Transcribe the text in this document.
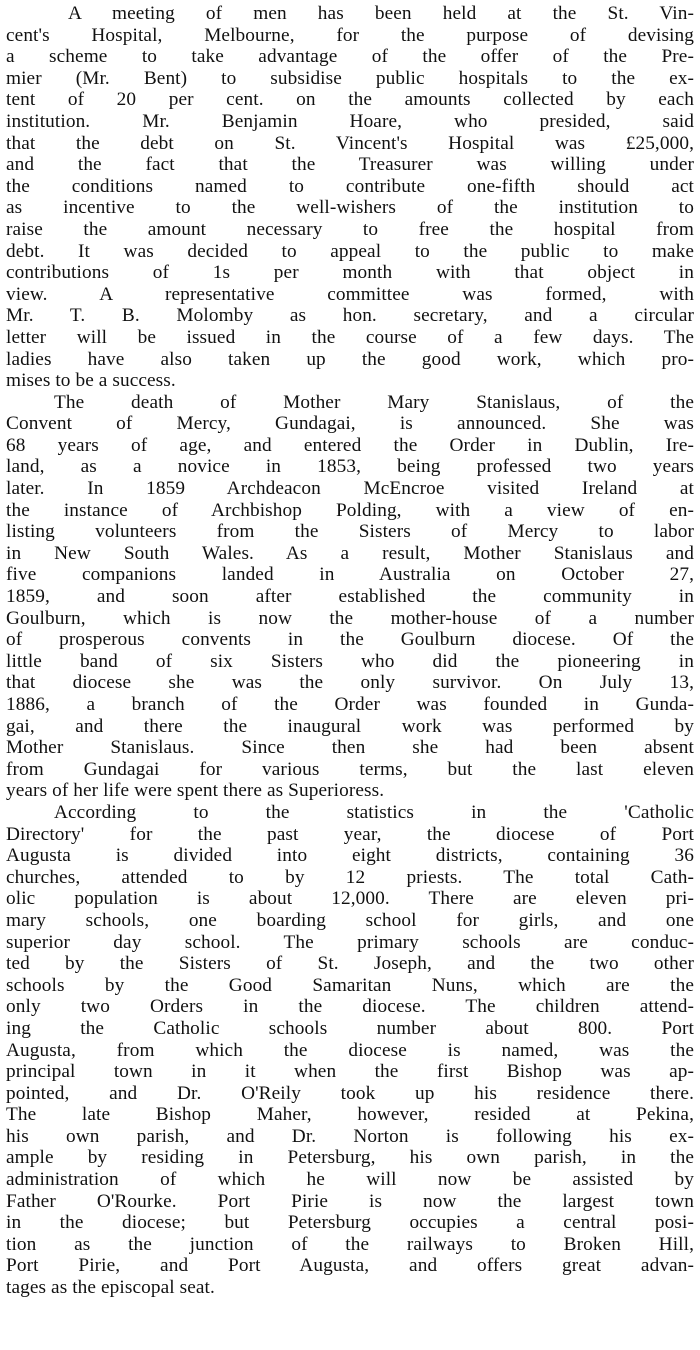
A meeting of men has been held at the St. Vin-
cent's Hospital, Melbourne, for the purpose of devising
a scheme to take advantage of the offer of the Pre-
mier (Mr. Bent) to subsidise public hospitals to the ex-
tent of 20 per cent. on the amounts collected by each
institution. Mr. Benjamin Hoare, who presided, said
that the debt on St. Vincent's Hospital was £25,000,
and the fact that the Treasurer was willing under
the conditions named to contribute one-fifth should act
as incentive to the well-wishers of the institution to
raise the amount necessary to free the hospital from
debt. It was decided to appeal to the public to make
contributions of 1s per month with that object in
view. A representative committee was formed, with
Mr. T. B. Molomby as hon. secretary, and a circular
letter will be issued in the course of a few days. The
ladies have also taken up the good work, which pro-
mises to be a success.
The death of Mother Mary Stanislaus, of the
Convent of Mercy, Gundagai, is announced. She was
68 years of age, and entered the Order in Dublin, Ire-
land, as a novice in 1853, being professed two years
later. In 1859 Archdeacon McEncroe visited Ireland at
the instance of Archbishop Polding, with a view of en-
listing volunteers from the Sisters of Mercy to labor
in New South Wales. As a result, Mother Stanislaus and
five companions landed in Australia on October 27,
1859, and soon after established the community in
Goulburn, which is now the mother-house of a number
of prosperous convents in the Goulburn diocese. Of the
little band of six Sisters who did the pioneering in
that diocese she was the only survivor. On July 13,
1886, a branch of the Order was founded in Gunda-
gai, and there the inaugural work was performed by
Mother Stanislaus. Since then she had been absent
from Gundagai for various terms, but the last eleven
years of her life were spent there as Superioress.
According to the statistics in the 'Catholic
Directory' for the past year, the diocese of Port
Augusta is divided into eight districts, containing 36
churches, attended to by 12 priests. The total Cath-
olic population is about 12,000. There are eleven pri-
mary schools, one boarding school for girls, and one
superior day school. The primary schools are conduc-
ted by the Sisters of St. Joseph, and the two other
schools by the Good Samaritan Nuns, which are the
only two Orders in the diocese. The children attend-
ing the Catholic schools number about 800. Port
Augusta, from which the diocese is named, was the
principal town in it when the first Bishop was ap-
pointed, and Dr. O'Reily took up his residence there.
The late Bishop Maher, however, resided at Pekina,
his own parish, and Dr. Norton is following his ex-
ample by residing in Petersburg, his own parish, in the
administration of which he will now be assisted by
Father O'Rourke. Port Pirie is now the largest town
in the diocese; but Petersburg occupies a central posi-
tion as the junction of the railways to Broken Hill,
Port Pirie, and Port Augusta, and offers great advan-
tages as the episcopal seat.
